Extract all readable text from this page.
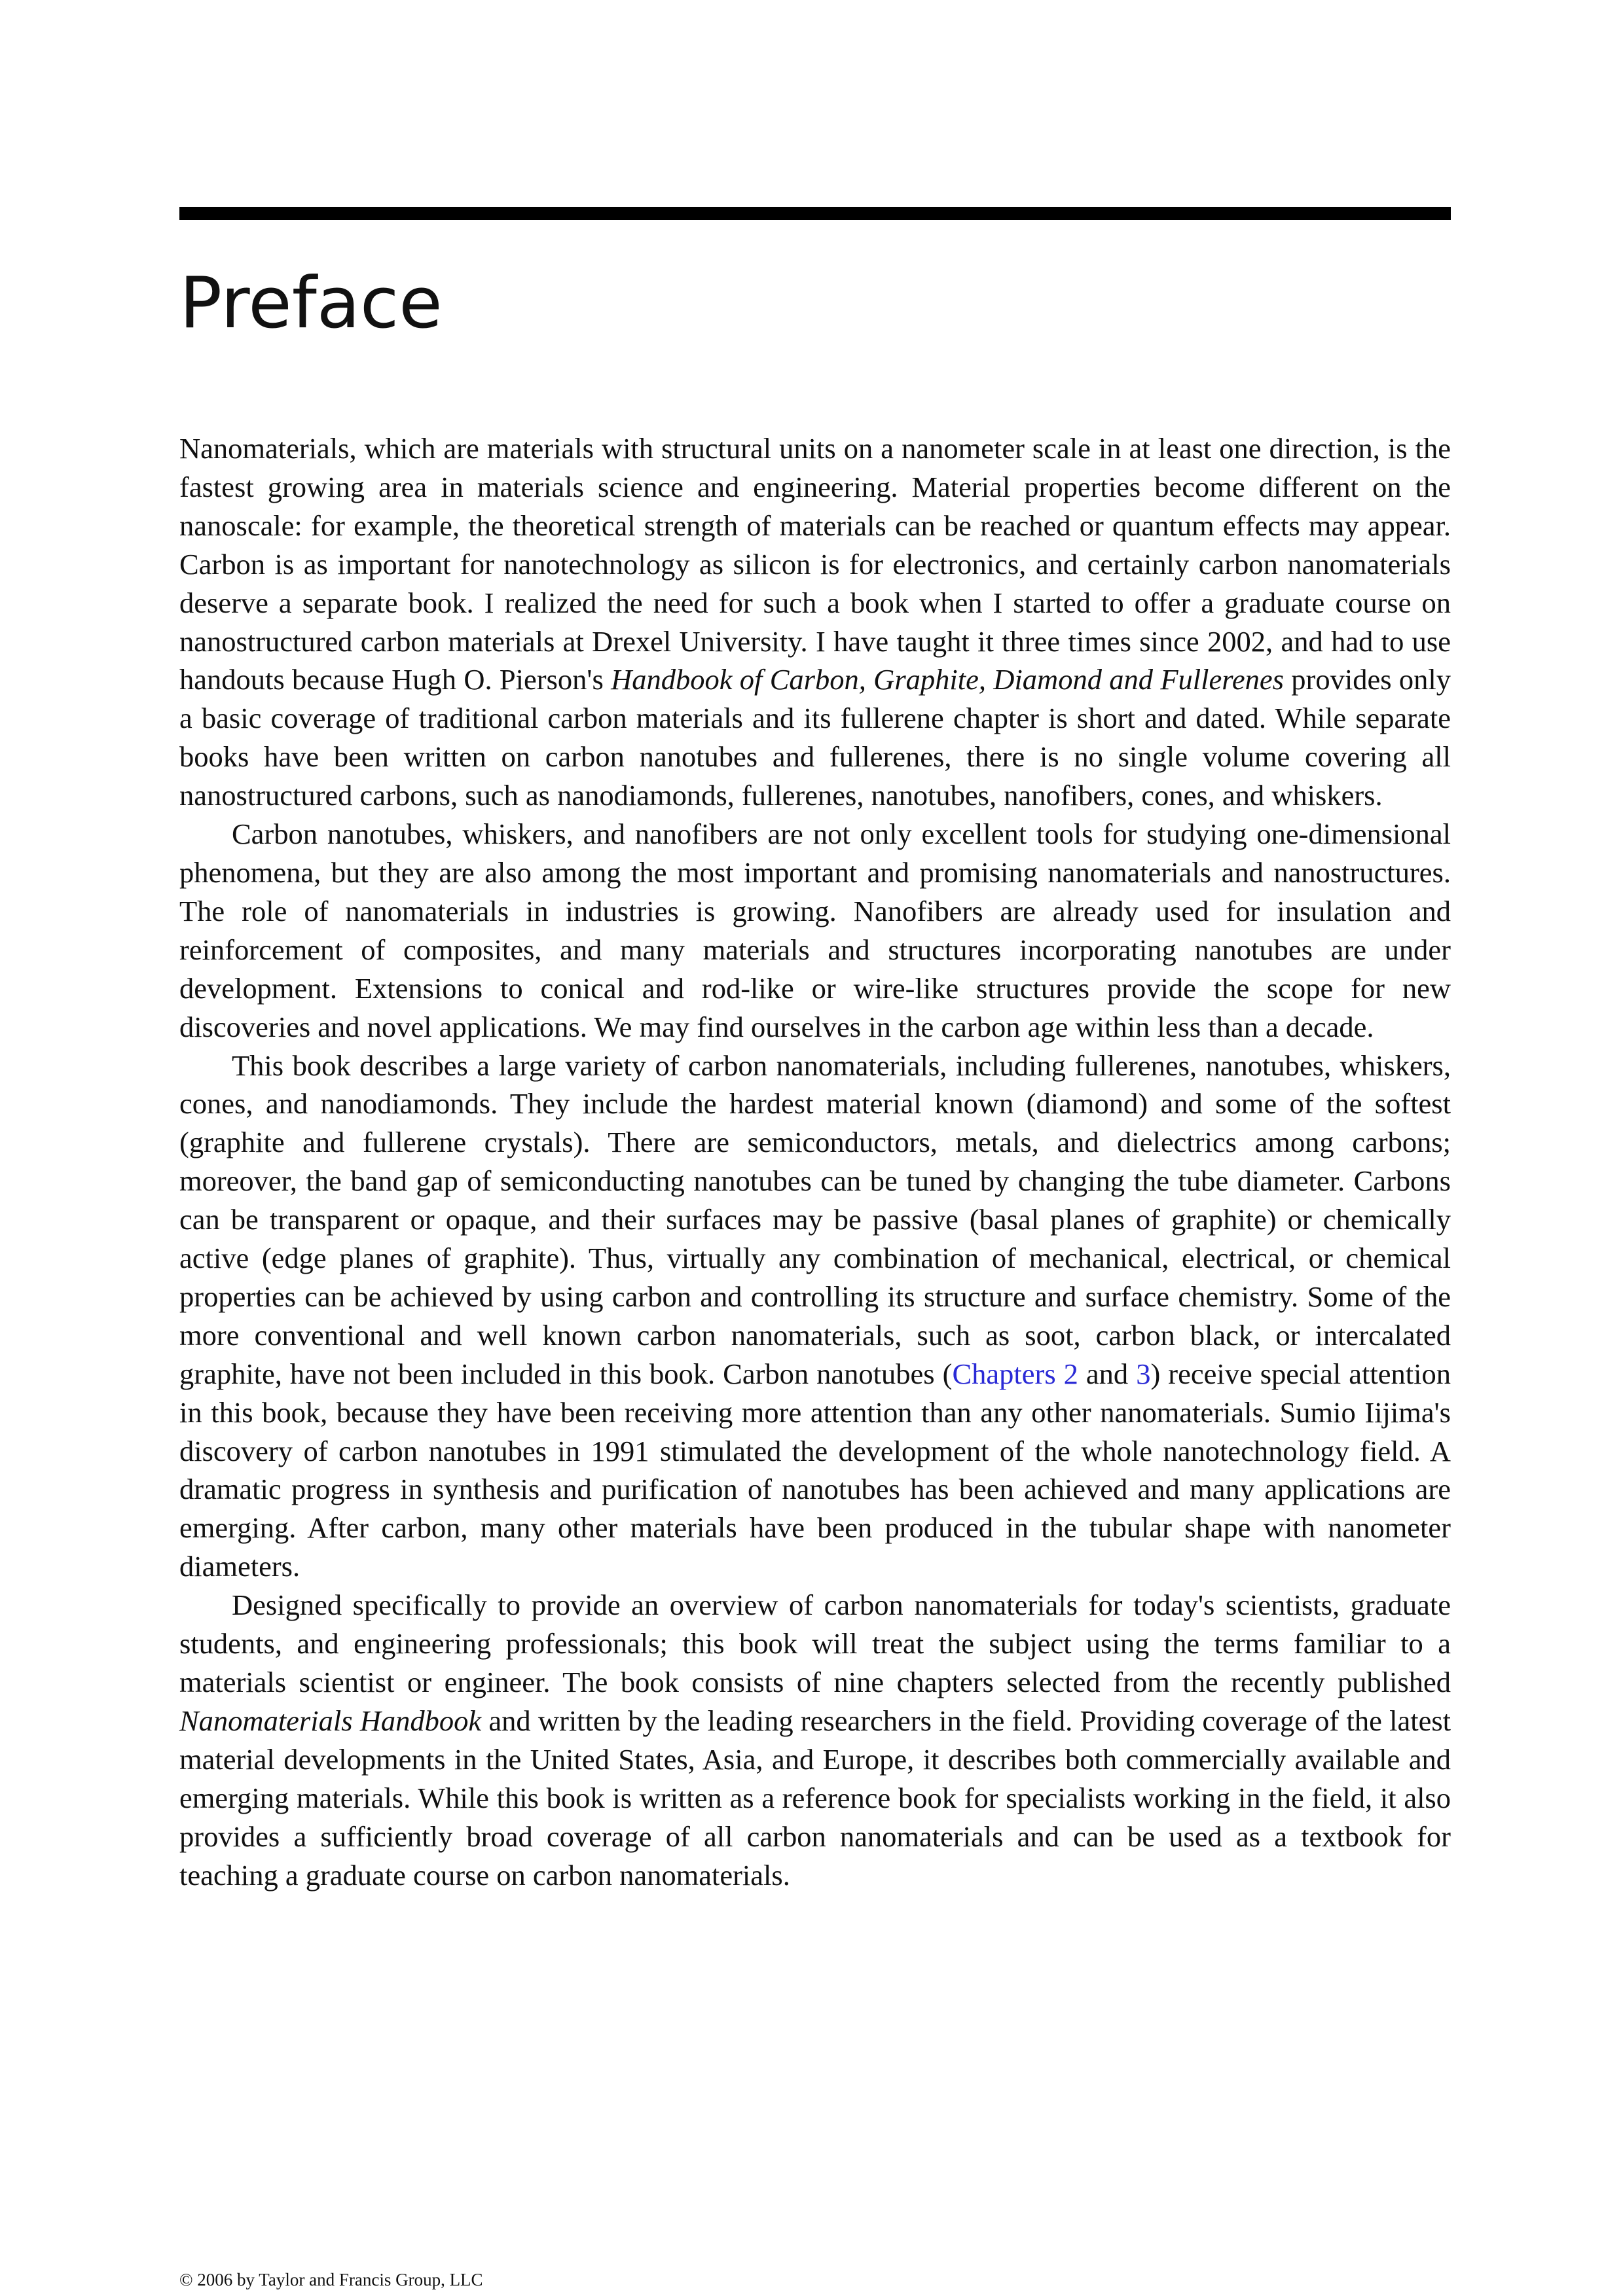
Preface

Nanomaterials, which are materials with structural units on a nanometer scale in at least one direction, is the fastest growing area in materials science and engineering. Material properties become different on the nanoscale: for example, the theoretical strength of materials can be reached or quantum effects may appear. Carbon is as important for nanotechnology as silicon is for electronics, and certainly carbon nanomaterials deserve a separate book. I realized the need for such a book when I started to offer a graduate course on nanostructured carbon materials at Drexel University. I have taught it three times since 2002, and had to use handouts because Hugh O. Pierson's Handbook of Carbon, Graphite, Diamond and Fullerenes provides only a basic coverage of traditional carbon materials and its fullerene chapter is short and dated. While separate books have been written on carbon nanotubes and fullerenes, there is no single volume covering all nanostructured carbons, such as nanodiamonds, fullerenes, nanotubes, nanofibers, cones, and whiskers.

Carbon nanotubes, whiskers, and nanofibers are not only excellent tools for studying one-dimensional phenomena, but they are also among the most important and promising nanomaterials and nanostructures. The role of nanomaterials in industries is growing. Nanofibers are already used for insulation and reinforcement of composites, and many materials and structures incorporating nanotubes are under development. Extensions to conical and rod-like or wire-like structures provide the scope for new discoveries and novel applications. We may find ourselves in the carbon age within less than a decade.

This book describes a large variety of carbon nanomaterials, including fullerenes, nanotubes, whiskers, cones, and nanodiamonds. They include the hardest material known (diamond) and some of the softest (graphite and fullerene crystals). There are semiconductors, metals, and dielectrics among carbons; moreover, the band gap of semiconducting nanotubes can be tuned by changing the tube diameter. Carbons can be transparent or opaque, and their surfaces may be passive (basal planes of graphite) or chemically active (edge planes of graphite). Thus, virtually any combination of mechanical, electrical, or chemical properties can be achieved by using carbon and controlling its structure and surface chemistry. Some of the more conventional and well known carbon nanomaterials, such as soot, carbon black, or intercalated graphite, have not been included in this book. Carbon nanotubes (Chapters 2 and 3) receive special attention in this book, because they have been receiving more attention than any other nanomaterials. Sumio Iijima's discovery of carbon nanotubes in 1991 stimulated the development of the whole nanotechnology field. A dramatic progress in synthesis and purification of nanotubes has been achieved and many applications are emerging. After carbon, many other materials have been produced in the tubular shape with nanometer diameters.

Designed specifically to provide an overview of carbon nanomaterials for today's scientists, graduate students, and engineering professionals; this book will treat the subject using the terms familiar to a materials scientist or engineer. The book consists of nine chapters selected from the recently published Nanomaterials Handbook and written by the leading researchers in the field. Providing coverage of the latest material developments in the United States, Asia, and Europe, it describes both commercially available and emerging materials. While this book is written as a reference book for specialists working in the field, it also provides a sufficiently broad coverage of all carbon nanomaterials and can be used as a textbook for teaching a graduate course on carbon nanomaterials.

© 2006 by Taylor and Francis Group, LLC
